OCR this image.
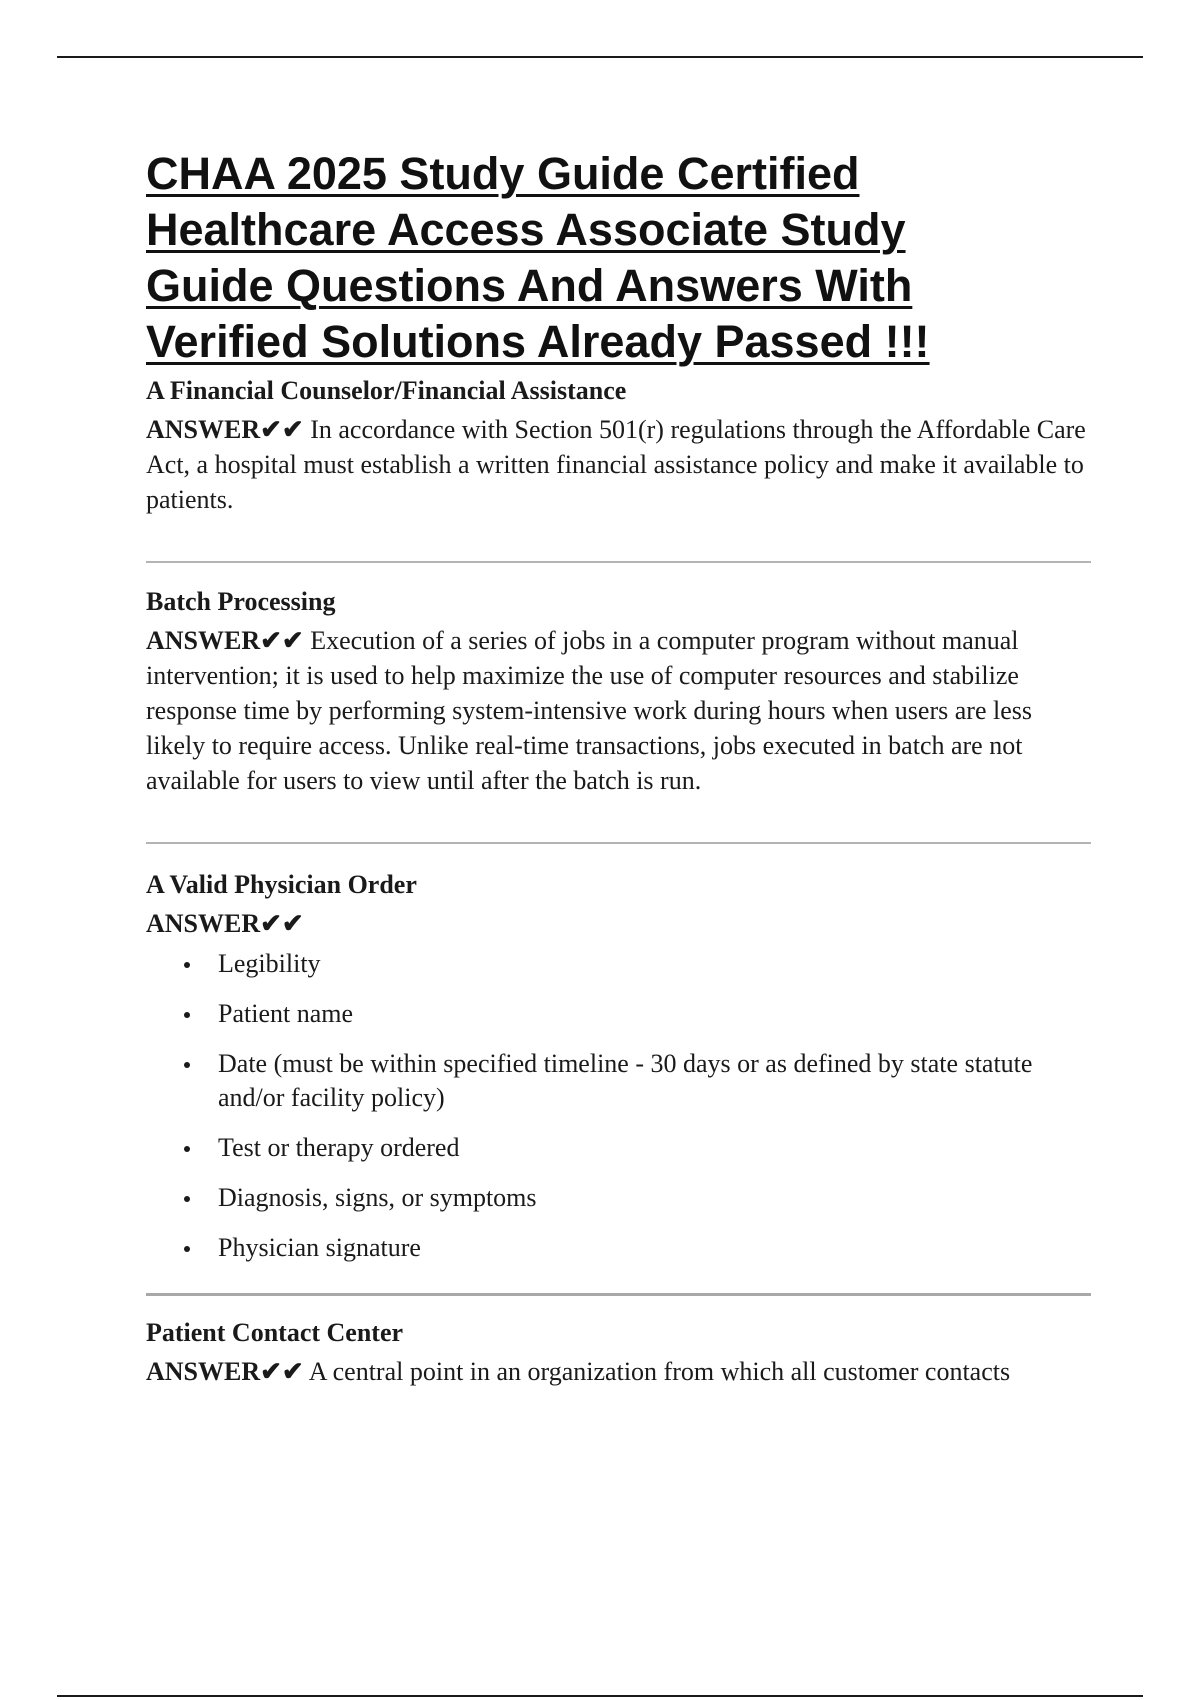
CHAA 2025 Study Guide Certified Healthcare Access Associate Study Guide Questions And Answers With Verified Solutions Already Passed !!!

A Financial Counselor/Financial Assistance

ANSWER✔✔ In accordance with Section 501(r) regulations through the Affordable Care Act, a hospital must establish a written financial assistance policy and make it available to patients.

Batch Processing

ANSWER✔✔ Execution of a series of jobs in a computer program without manual intervention; it is used to help maximize the use of computer resources and stabilize response time by performing system-intensive work during hours when users are less likely to require access. Unlike real-time transactions, jobs executed in batch are not available for users to view until after the batch is run.

A Valid Physician Order

ANSWER✔✔

Legibility
Patient name
Date (must be within specified timeline - 30 days or as defined by state statute and/or facility policy)
Test or therapy ordered
Diagnosis, signs, or symptoms
Physician signature

Patient Contact Center

ANSWER✔✔ A central point in an organization from which all customer contacts
